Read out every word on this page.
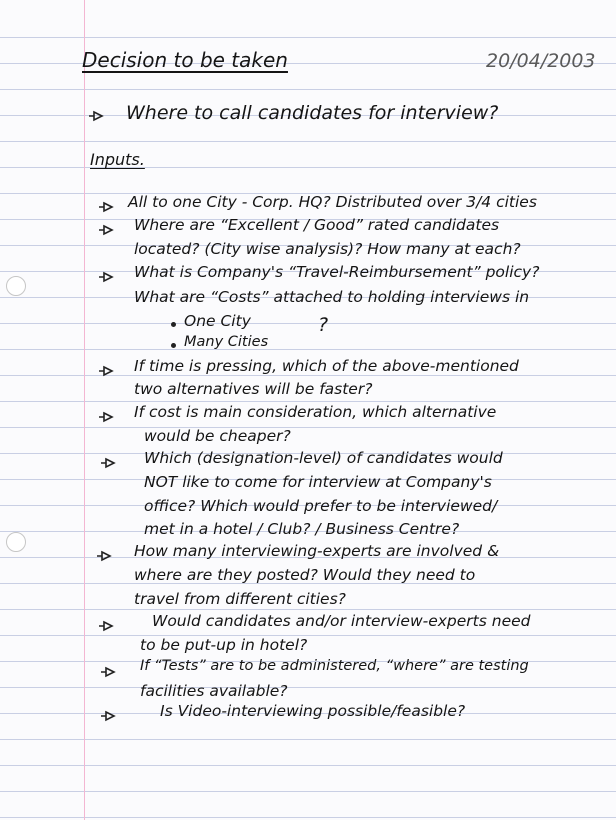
Decision to be taken	20/04/2003
Where to call candidates for interview?
Inputs.
All to one City - Corp. HQ? Distributed over 3/4 cities
Where are “Excellent / Good” rated candidates
located? (City wise analysis)? How many at each?
What is Company's “Travel-Reimbursement” policy?
What are “Costs” attached to holding interviews in
One City	?
Many Cities
If time is pressing, which of the above-mentioned
two alternatives will be faster?
If cost is main consideration, which alternative
would be cheaper?
Which (designation-level) of candidates would
NOT like to come for interview at Company's
office? Which would prefer to be interviewed/
met in a hotel / Club? / Business Centre?
How many interviewing-experts are involved &
where are they posted? Would they need to
travel from different cities?
Would candidates and/or interview-experts need
to be put-up in hotel?
If “Tests” are to be administered, “where” are testing
facilities available?
Is Video-interviewing possible/feasible?
